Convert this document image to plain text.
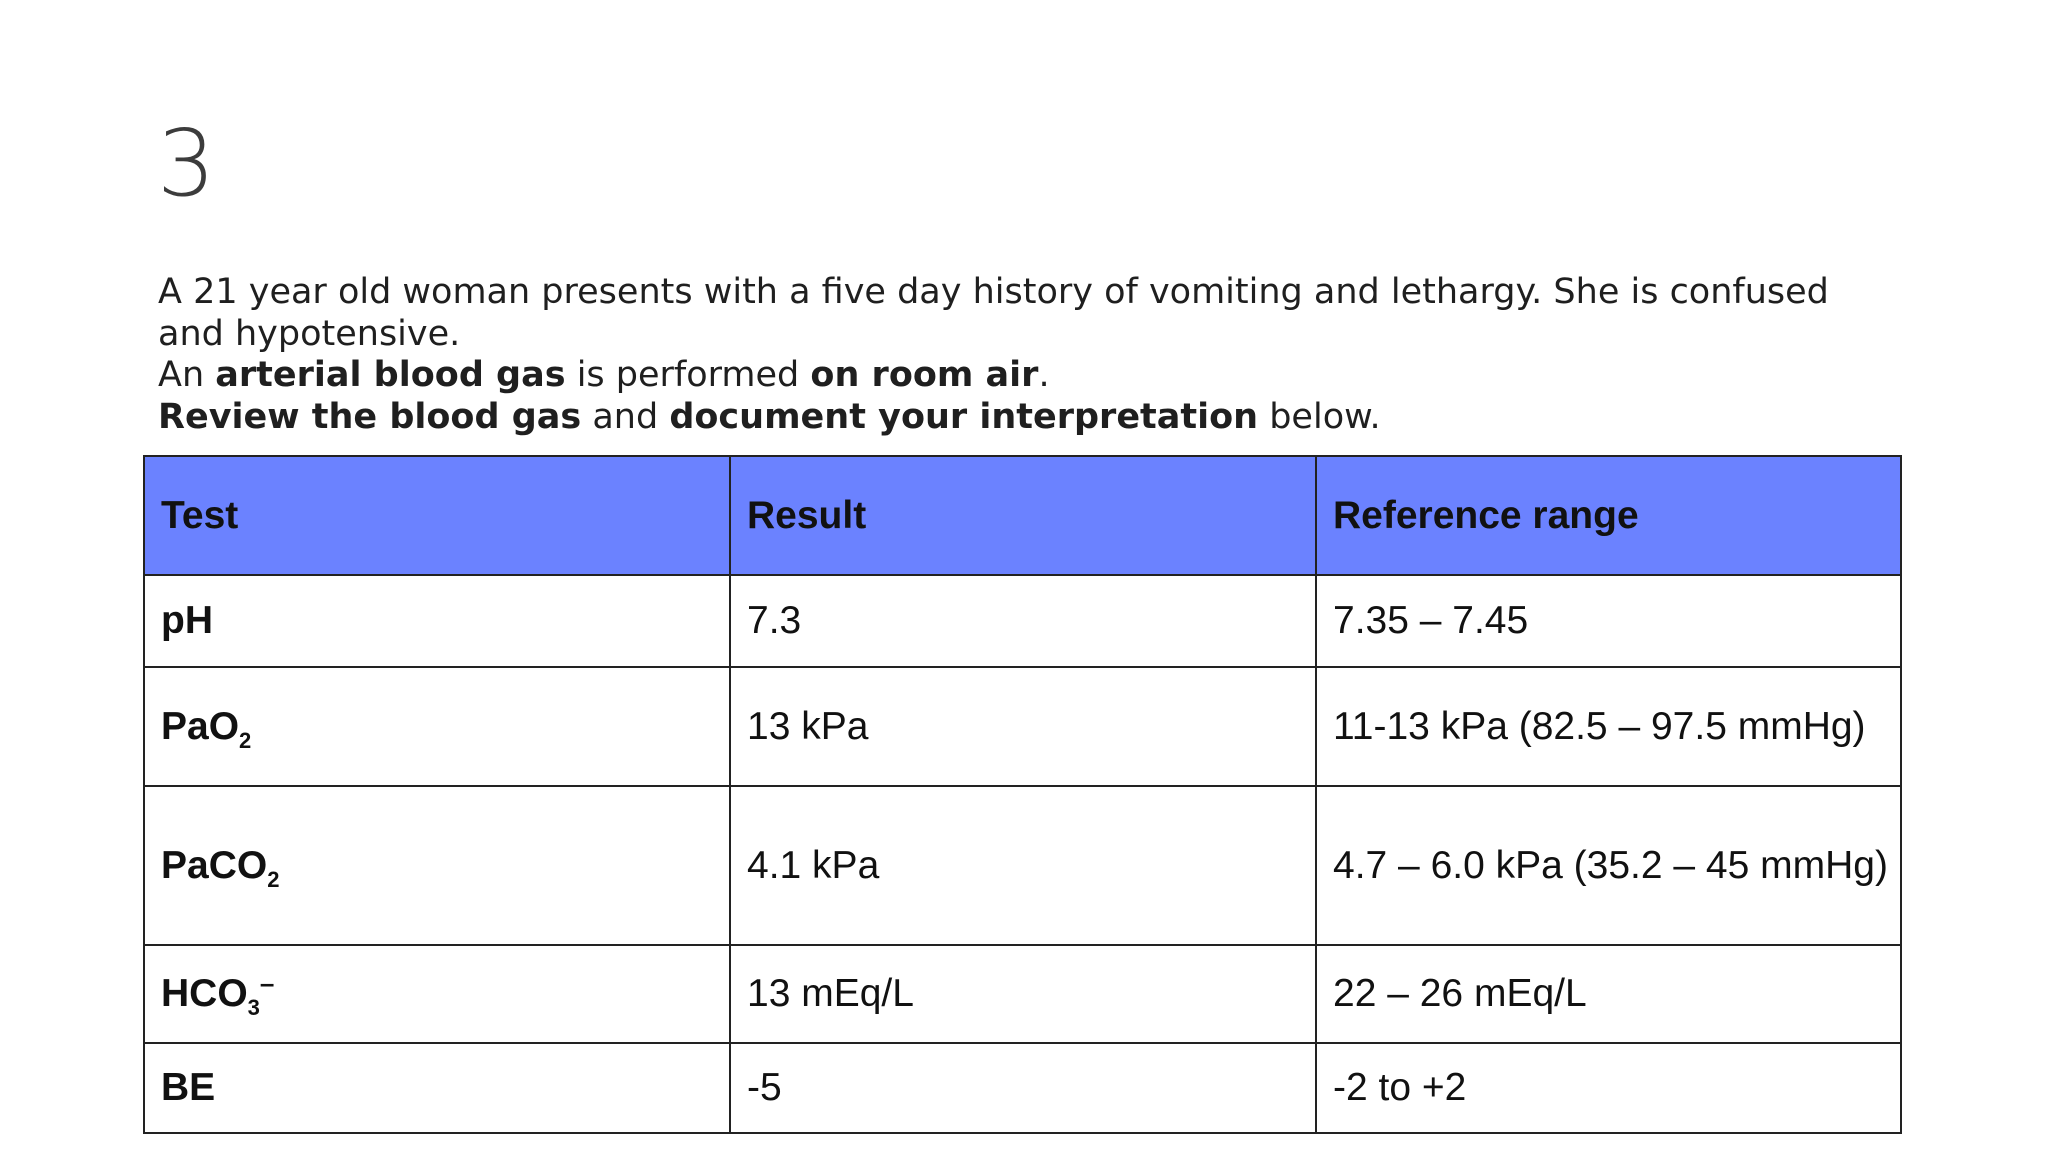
3

A 21 year old woman presents with a five day history of vomiting and lethargy. She is confused and hypotensive.

An arterial blood gas is performed on room air.

Review the blood gas and document your interpretation below.

Test	Result	Reference range
pH	7.3	7.35 – 7.45
PaO$_2$	13 kPa	11-13 kPa (82.5 – 97.5 mmHg)
PaCO$_2$	4.1 kPa	4.7 – 6.0 kPa (35.2 – 45 mmHg)
$HCO_3^-$	13 mEq/L	22 – 26 mEq/L
BE	-5	-2 to +2
